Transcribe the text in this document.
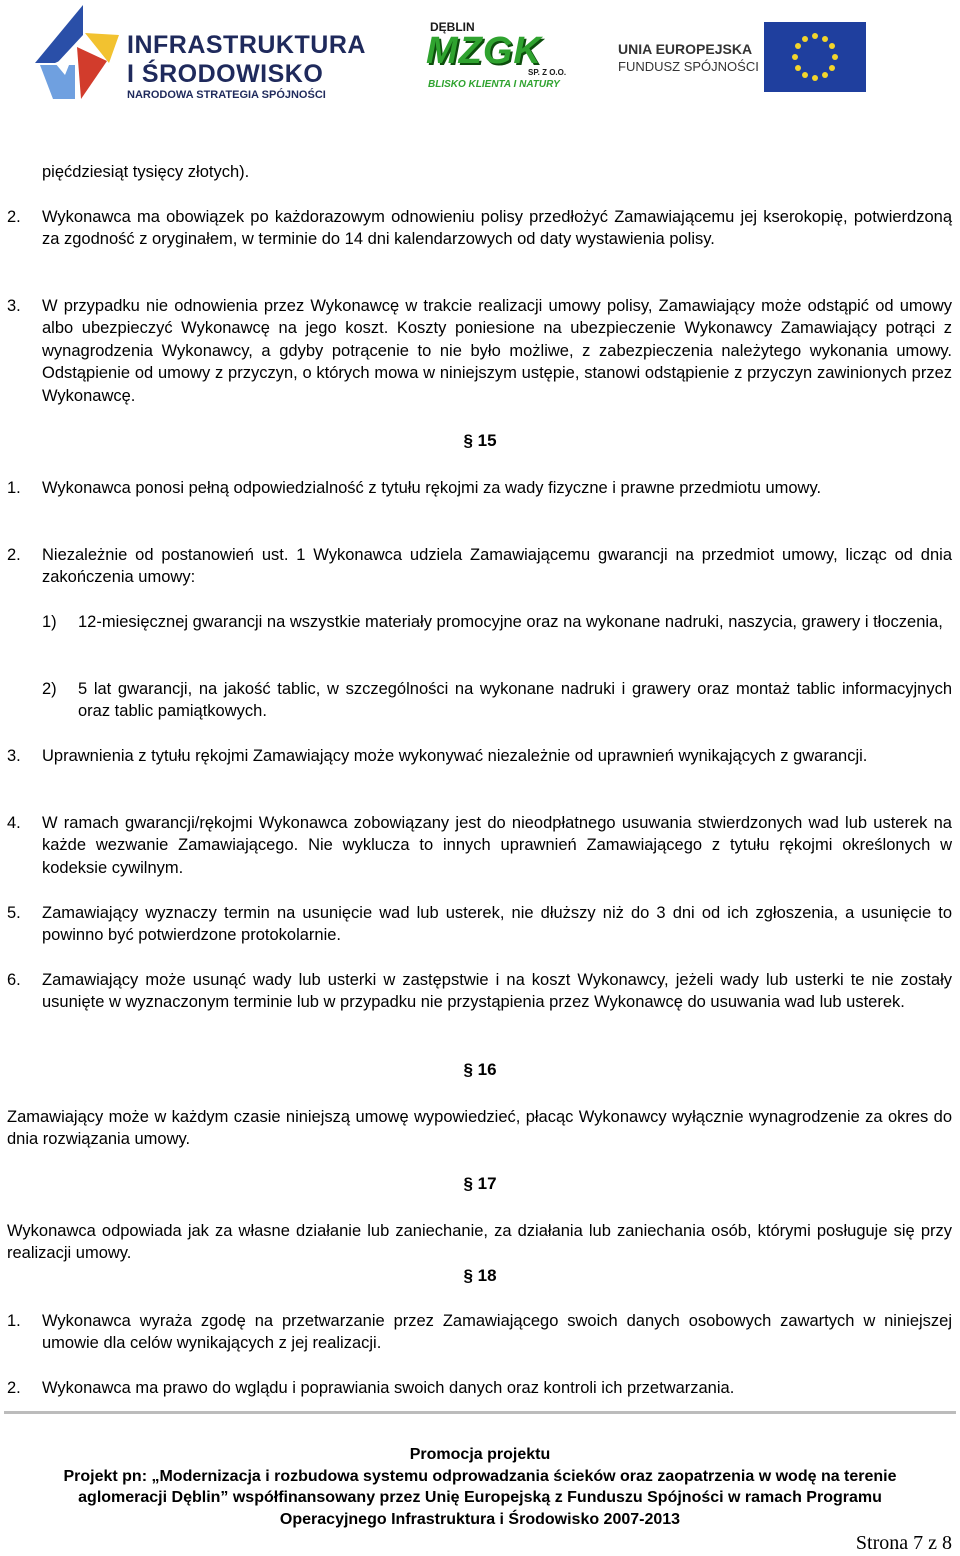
INFRASTRUKTURA
I ŚRODOWISKO
NARODOWA STRATEGIA SPÓJNOŚCI
DĘBLIN
MZGK
SP. Z O.O.
BLISKO KLIENTA I NATURY
UNIA EUROPEJSKA
FUNDUSZ SPÓJNOŚCI
pięćdziesiąt tysięcy złotych).
2. Wykonawca ma obowiązek po każdorazowym odnowieniu polisy przedłożyć Zamawiającemu jej kserokopię, potwierdzoną za zgodność z oryginałem, w terminie do 14 dni kalendarzowych od daty wystawienia polisy.
3. W przypadku nie odnowienia przez Wykonawcę w trakcie realizacji umowy polisy, Zamawiający może odstąpić od umowy albo ubezpieczyć Wykonawcę na jego koszt. Koszty poniesione na ubezpieczenie Wykonawcy Zamawiający potrąci z wynagrodzenia Wykonawcy, a gdyby potrącenie to nie było możliwe, z zabezpieczenia należytego wykonania umowy. Odstąpienie od umowy z przyczyn, o których mowa w niniejszym ustępie, stanowi odstąpienie z przyczyn zawinionych przez Wykonawcę.
§ 15
1. Wykonawca ponosi pełną odpowiedzialność z tytułu rękojmi za wady fizyczne i prawne przedmiotu umowy.
2. Niezależnie od postanowień ust. 1 Wykonawca udziela Zamawiającemu gwarancji na przedmiot umowy, licząc od dnia zakończenia umowy:
1) 12-miesięcznej gwarancji na wszystkie materiały promocyjne oraz na wykonane nadruki, naszycia, grawery i tłoczenia,
2) 5 lat gwarancji, na jakość tablic, w szczególności na wykonane nadruki i grawery oraz montaż tablic informacyjnych oraz tablic pamiątkowych.
3. Uprawnienia z tytułu rękojmi Zamawiający może wykonywać niezależnie od uprawnień wynikających z gwarancji.
4. W ramach gwarancji/rękojmi Wykonawca zobowiązany jest do nieodpłatnego usuwania stwierdzonych wad lub usterek na każde wezwanie Zamawiającego. Nie wyklucza to innych uprawnień Zamawiającego z tytułu rękojmi określonych w kodeksie cywilnym.
5. Zamawiający wyznaczy termin na usunięcie wad lub usterek, nie dłuższy niż do 3 dni od ich zgłoszenia, a usunięcie to powinno być potwierdzone protokolarnie.
6. Zamawiający może usunąć wady lub usterki w zastępstwie i na koszt Wykonawcy, jeżeli wady lub usterki te nie zostały usunięte w wyznaczonym terminie lub w przypadku nie przystąpienia przez Wykonawcę do usuwania wad lub usterek.
§ 16
Zamawiający może w każdym czasie niniejszą umowę wypowiedzieć, płacąc Wykonawcy wyłącznie wynagrodzenie za okres do dnia rozwiązania umowy.
§ 17
Wykonawca odpowiada jak za własne działanie lub zaniechanie, za działania lub zaniechania osób, którymi posługuje się przy realizacji umowy.
§ 18
1. Wykonawca wyraża zgodę na przetwarzanie przez Zamawiającego swoich danych osobowych zawartych w niniejszej umowie dla celów wynikających z jej realizacji.
2. Wykonawca ma prawo do wglądu i poprawiania swoich danych oraz kontroli ich przetwarzania.
Promocja projektu
Projekt pn: „Modernizacja i rozbudowa systemu odprowadzania ścieków oraz zaopatrzenia w wodę na terenie
aglomeracji Dęblin” współfinansowany przez Unię Europejską z Funduszu Spójności w ramach Programu
Operacyjnego Infrastruktura i Środowisko 2007-2013
Strona 7 z 8
